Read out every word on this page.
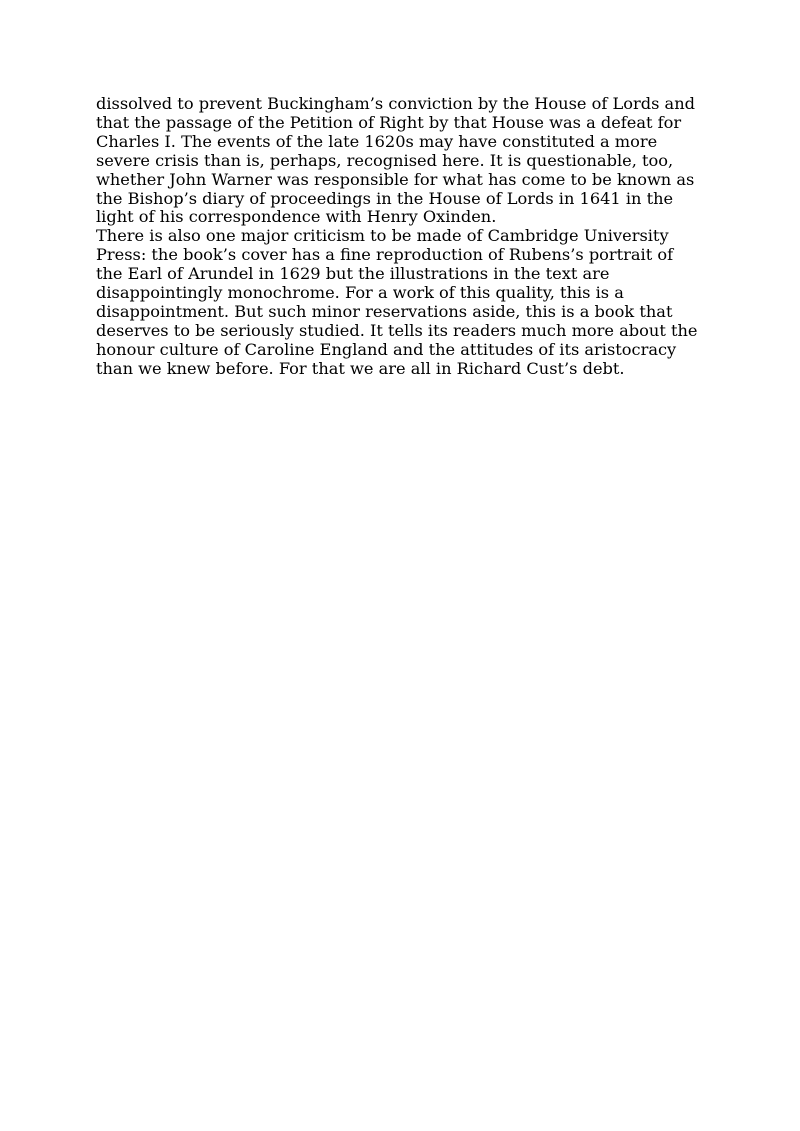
dissolved to prevent Buckingham’s conviction by the House of Lords and
that the passage of the Petition of Right by that House was a defeat for
Charles I. The events of the late 1620s may have constituted a more
severe crisis than is, perhaps, recognised here. It is questionable, too,
whether John Warner was responsible for what has come to be known as
the Bishop’s diary of proceedings in the House of Lords in 1641 in the
light of his correspondence with Henry Oxinden.

There is also one major criticism to be made of Cambridge University
Press: the book’s cover has a fine reproduction of Rubens’s portrait of
the Earl of Arundel in 1629 but the illustrations in the text are
disappointingly monochrome. For a work of this quality, this is a
disappointment. But such minor reservations aside, this is a book that
deserves to be seriously studied. It tells its readers much more about the
honour culture of Caroline England and the attitudes of its aristocracy
than we knew before. For that we are all in Richard Cust’s debt.
